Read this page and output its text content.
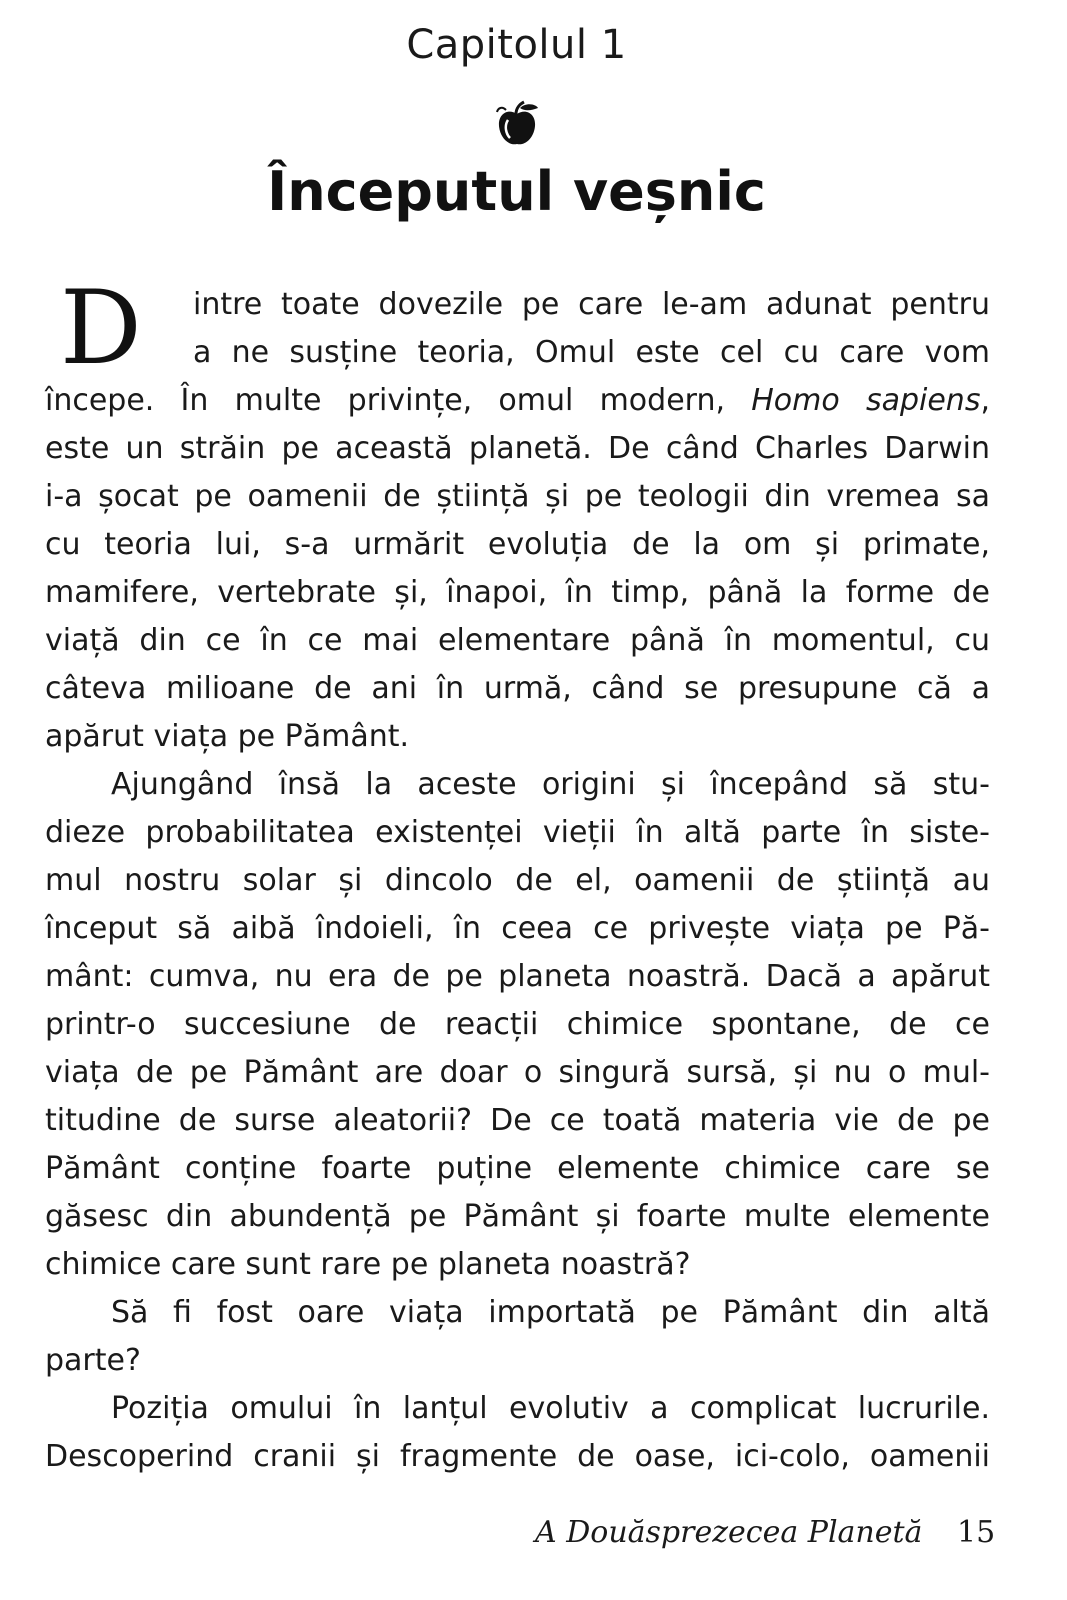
Capitolul 1
Începutul veșnic
D intre toate dovezile pe care le-am adunat pentru
a ne susține teoria, Omul este cel cu care vom
începe. În multe privințe, omul modern, Homo sapiens,
este un străin pe această planetă. De când Charles Darwin
i-a șocat pe oamenii de știință și pe teologii din vremea sa
cu teoria lui, s-a urmărit evoluția de la om și primate,
mamifere, vertebrate și, înapoi, în timp, până la forme de
viață din ce în ce mai elementare până în momentul, cu
câteva milioane de ani în urmă, când se presupune că a
apărut viața pe Pământ.
Ajungând însă la aceste origini și începând să stu-
dieze probabilitatea existenței vieții în altă parte în siste-
mul nostru solar și dincolo de el, oamenii de știință au
început să aibă îndoieli, în ceea ce privește viața pe Pă-
mânt: cumva, nu era de pe planeta noastră. Dacă a apărut
printr-o succesiune de reacții chimice spontane, de ce
viața de pe Pământ are doar o singură sursă, și nu o mul-
titudine de surse aleatorii? De ce toată materia vie de pe
Pământ conține foarte puține elemente chimice care se
găsesc din abundență pe Pământ și foarte multe elemente
chimice care sunt rare pe planeta noastră?
Să fi fost oare viața importată pe Pământ din altă
parte?
Poziția omului în lanțul evolutiv a complicat lucrurile.
Descoperind cranii și fragmente de oase, ici-colo, oamenii
A Douăsprezecea Planetă 15
